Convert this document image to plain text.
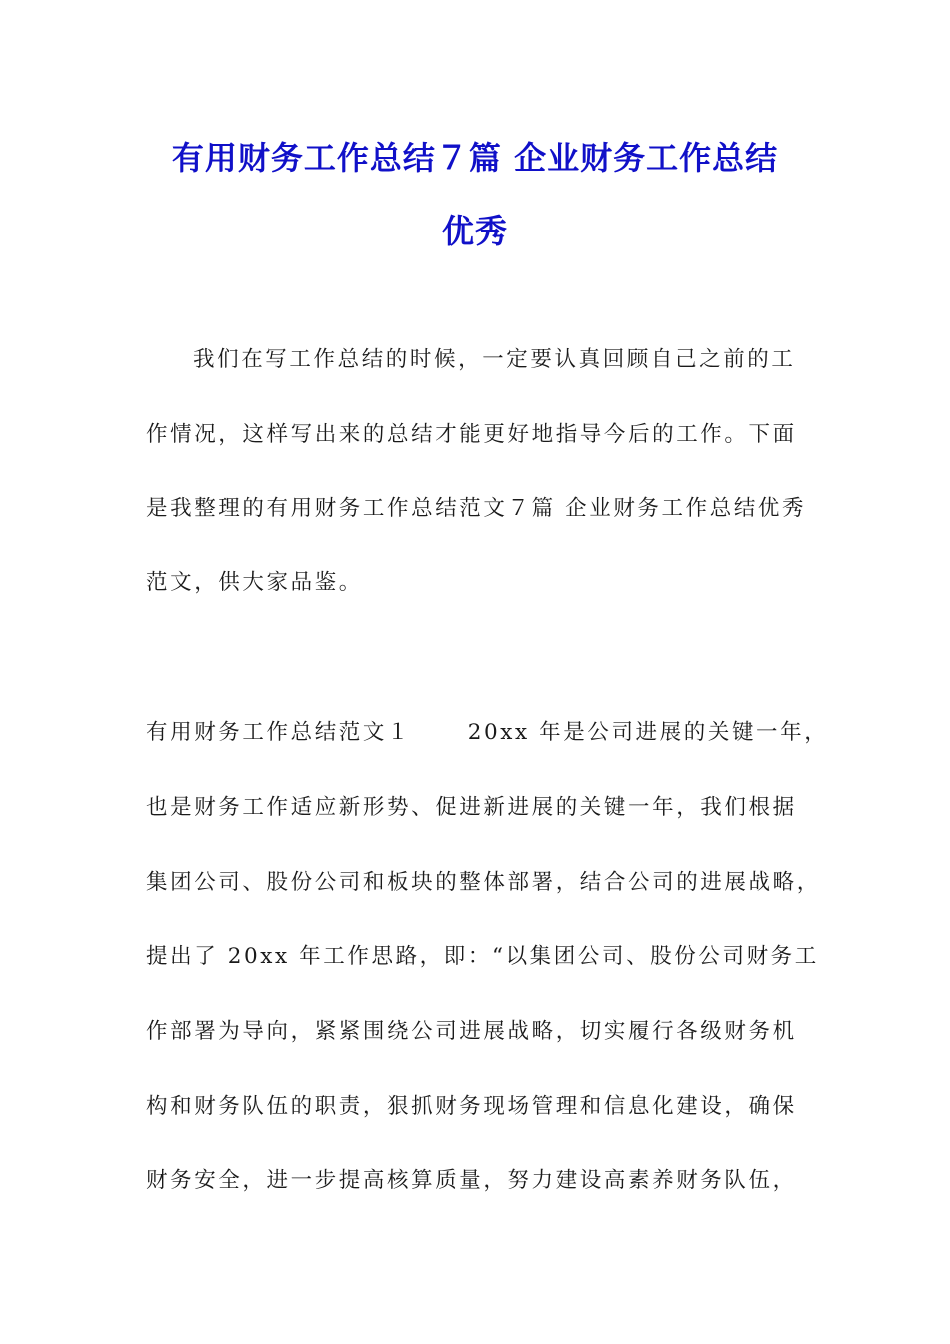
有用财务工作总结７篇 企业财务工作总结
优秀
我们在写工作总结的时候，一定要认真回顾自己之前的工
作情况，这样写出来的总结才能更好地指导今后的工作。下面
是我整理的有用财务工作总结范文７篇 企业财务工作总结优秀
范文，供大家品鉴。
有用财务工作总结范文１      20xx 年是公司进展的关键一年，
也是财务工作适应新形势、促进新进展的关键一年，我们根据
集团公司、股份公司和板块的整体部署，结合公司的进展战略，
提出了 20xx 年工作思路，即：“以集团公司、股份公司财务工
作部署为导向，紧紧围绕公司进展战略，切实履行各级财务机
构和财务队伍的职责，狠抓财务现场管理和信息化建设，确保
财务安全，进一步提高核算质量，努力建设高素养财务队伍，
